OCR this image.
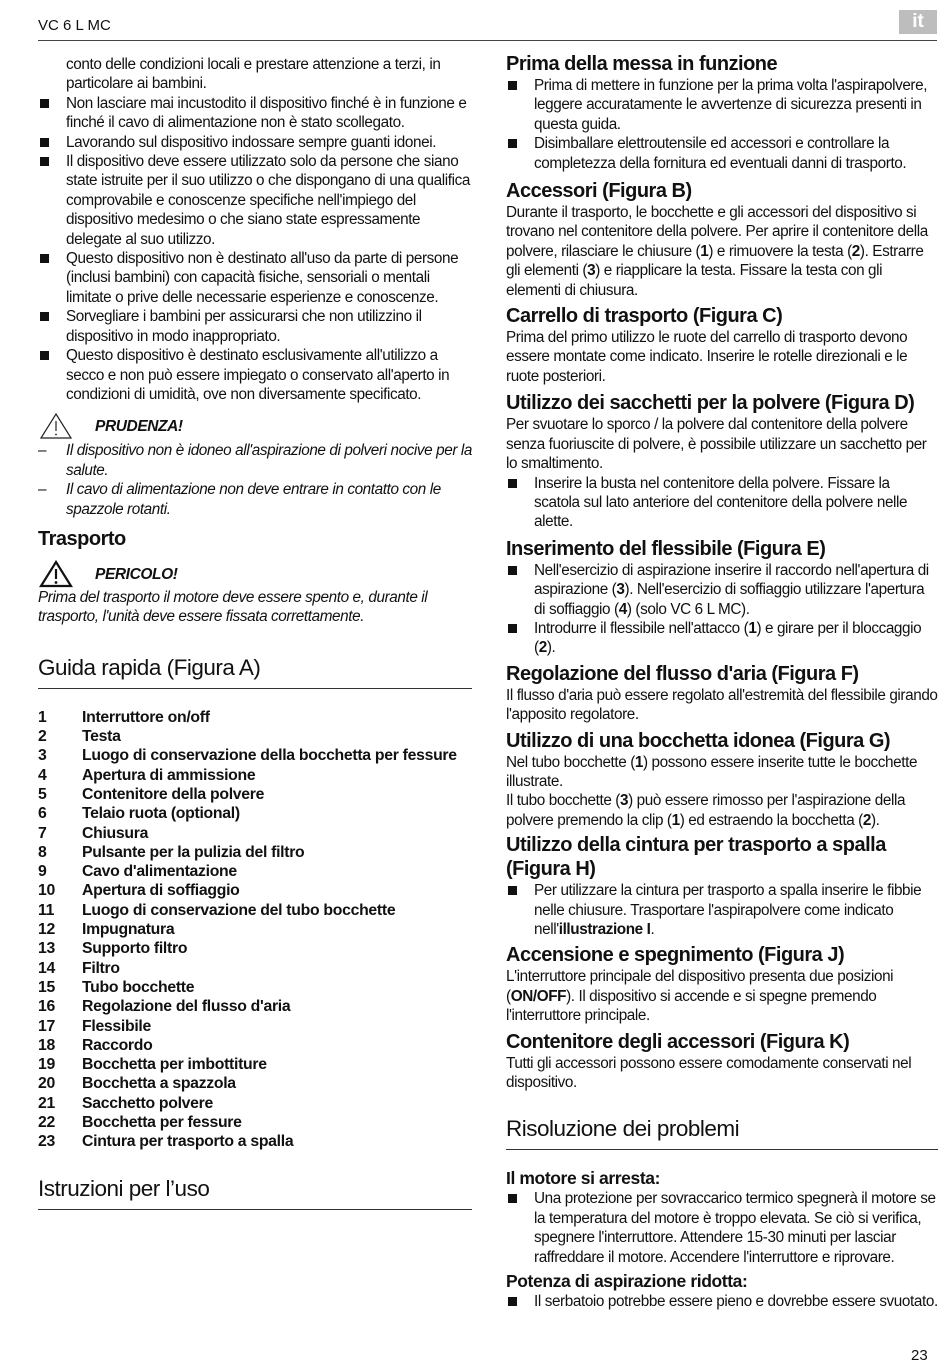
VC 6 L MC	it
conto delle condizioni locali e prestare attenzione a terzi, in particolare ai bambini.
Non lasciare mai incustodito il dispositivo finché è in funzione e finché il cavo di alimentazione non è stato scollegato.
Lavorando sul dispositivo indossare sempre guanti idonei.
Il dispositivo deve essere utilizzato solo da persone che siano state istruite per il suo utilizzo o che dispongano di una qualifica comprovabile e conoscenze specifiche nell'impiego del dispositivo medesimo o che siano state espressamente delegate al suo utilizzo.
Questo dispositivo non è destinato all'uso da parte di persone (inclusi bambini) con capacità fisiche, sensoriali o mentali limitate o prive delle necessarie esperienze e conoscenze.
Sorvegliare i bambini per assicurarsi che non utilizzino il dispositivo in modo inappropriato.
Questo dispositivo è destinato esclusivamente all'utilizzo a secco e non può essere impiegato o conservato all'aperto in condizioni di umidità, ove non diversamente specificato.
PRUDENZA!
– Il dispositivo non è idoneo all'aspirazione di polveri nocive per la salute.
– Il cavo di alimentazione non deve entrare in contatto con le spazzole rotanti.
Trasporto
PERICOLO!
Prima del trasporto il motore deve essere spento e, durante il trasporto, l'unità deve essere fissata correttamente.
Guida rapida (Figura A)
1	Interruttore on/off
2	Testa
3	Luogo di conservazione della bocchetta per fessure
4	Apertura di ammissione
5	Contenitore della polvere
6	Telaio ruota (optional)
7	Chiusura
8	Pulsante per la pulizia del filtro
9	Cavo d'alimentazione
10	Apertura di soffiaggio
11	Luogo di conservazione del tubo bocchette
12	Impugnatura
13	Supporto filtro
14	Filtro
15	Tubo bocchette
16	Regolazione del flusso d'aria
17	Flessibile
18	Raccordo
19	Bocchetta per imbottiture
20	Bocchetta a spazzola
21	Sacchetto polvere
22	Bocchetta per fessure
23	Cintura per trasporto a spalla
Istruzioni per l’uso
Prima della messa in funzione
Prima di mettere in funzione per la prima volta l'aspirapolvere, leggere accuratamente le avvertenze di sicurezza presenti in questa guida.
Disimballare elettroutensile ed accessori e controllare la completezza della fornitura ed eventuali danni di trasporto.
Accessori (Figura B)
Durante il trasporto, le bocchette e gli accessori del dispositivo si trovano nel contenitore della polvere. Per aprire il contenitore della polvere, rilasciare le chiusure (1) e rimuovere la testa (2). Estrarre gli elementi (3) e riapplicare la testa. Fissare la testa con gli elementi di chiusura.
Carrello di trasporto (Figura C)
Prima del primo utilizzo le ruote del carrello di trasporto devono essere montate come indicato. Inserire le rotelle direzionali e le ruote posteriori.
Utilizzo dei sacchetti per la polvere (Figura D)
Per svuotare lo sporco / la polvere dal contenitore della polvere senza fuoriuscite di polvere, è possibile utilizzare un sacchetto per lo smaltimento.
Inserire la busta nel contenitore della polvere. Fissare la scatola sul lato anteriore del contenitore della polvere nelle alette.
Inserimento del flessibile (Figura E)
Nell'esercizio di aspirazione inserire il raccordo nell'apertura di aspirazione (3). Nell'esercizio di soffiaggio utilizzare l'apertura di soffiaggio (4) (solo VC 6 L MC).
Introdurre il flessibile nell'attacco (1) e girare per il bloccaggio (2).
Regolazione del flusso d'aria (Figura F)
Il flusso d'aria può essere regolato all'estremità del flessibile girando l'apposito regolatore.
Utilizzo di una bocchetta idonea (Figura G)
Nel tubo bocchette (1) possono essere inserite tutte le bocchette illustrate.
Il tubo bocchette (3) può essere rimosso per l'aspirazione della polvere premendo la clip (1) ed estraendo la bocchetta (2).
Utilizzo della cintura per trasporto a spalla (Figura H)
Per utilizzare la cintura per trasporto a spalla inserire le fibbie nelle chiusure. Trasportare l'aspirapolvere come indicato nell'illustrazione I.
Accensione e spegnimento (Figura J)
L'interruttore principale del dispositivo presenta due posizioni (ON/OFF). Il dispositivo si accende e si spegne premendo l'interruttore principale.
Contenitore degli accessori (Figura K)
Tutti gli accessori possono essere comodamente conservati nel dispositivo.
Risoluzione dei problemi
Il motore si arresta:
Una protezione per sovraccarico termico spegnerà il motore se la temperatura del motore è troppo elevata. Se ciò si verifica, spegnere l'interruttore. Attendere 15-30 minuti per lasciar raffreddare il motore. Accendere l'interruttore e riprovare.
Potenza di aspirazione ridotta:
Il serbatoio potrebbe essere pieno e dovrebbe essere svuotato.
23
